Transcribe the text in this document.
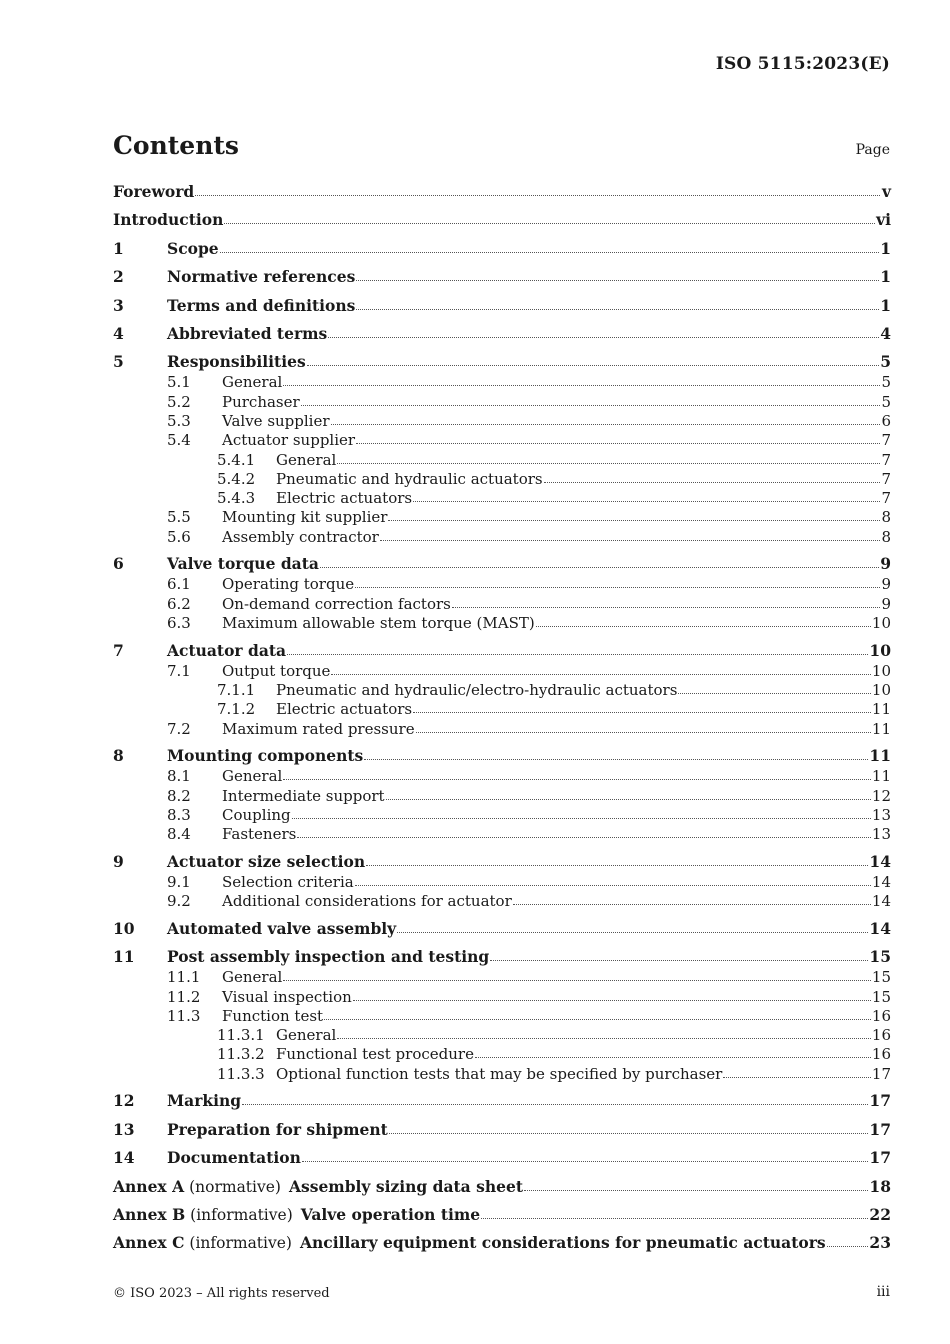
ISO 5115:2023(E)
Contents	Page
Foreword	v
Introduction	vi
1	Scope	1
2	Normative references	1
3	Terms and definitions	1
4	Abbreviated terms	4
5	Responsibilities	5
5.1	General	5
5.2	Purchaser	5
5.3	Valve supplier	6
5.4	Actuator supplier	7
5.4.1	General	7
5.4.2	Pneumatic and hydraulic actuators	7
5.4.3	Electric actuators	7
5.5	Mounting kit supplier	8
5.6	Assembly contractor	8
6	Valve torque data	9
6.1	Operating torque	9
6.2	On-demand correction factors	9
6.3	Maximum allowable stem torque (MAST)	10
7	Actuator data	10
7.1	Output torque	10
7.1.1	Pneumatic and hydraulic/electro-hydraulic actuators	10
7.1.2	Electric actuators	11
7.2	Maximum rated pressure	11
8	Mounting components	11
8.1	General	11
8.2	Intermediate support	12
8.3	Coupling	13
8.4	Fasteners	13
9	Actuator size selection	14
9.1	Selection criteria	14
9.2	Additional considerations for actuator	14
10	Automated valve assembly	14
11	Post assembly inspection and testing	15
11.1	General	15
11.2	Visual inspection	15
11.3	Function test	16
11.3.1 General	16
11.3.2 Functional test procedure	16
11.3.3 Optional function tests that may be specified by purchaser	17
12	Marking	17
13	Preparation for shipment	17
14	Documentation	17
Annex A (normative) Assembly sizing data sheet	18
Annex B (informative) Valve operation time	22
Annex C (informative) Ancillary equipment considerations for pneumatic actuators	23
© ISO 2023 – All rights reserved	iii
